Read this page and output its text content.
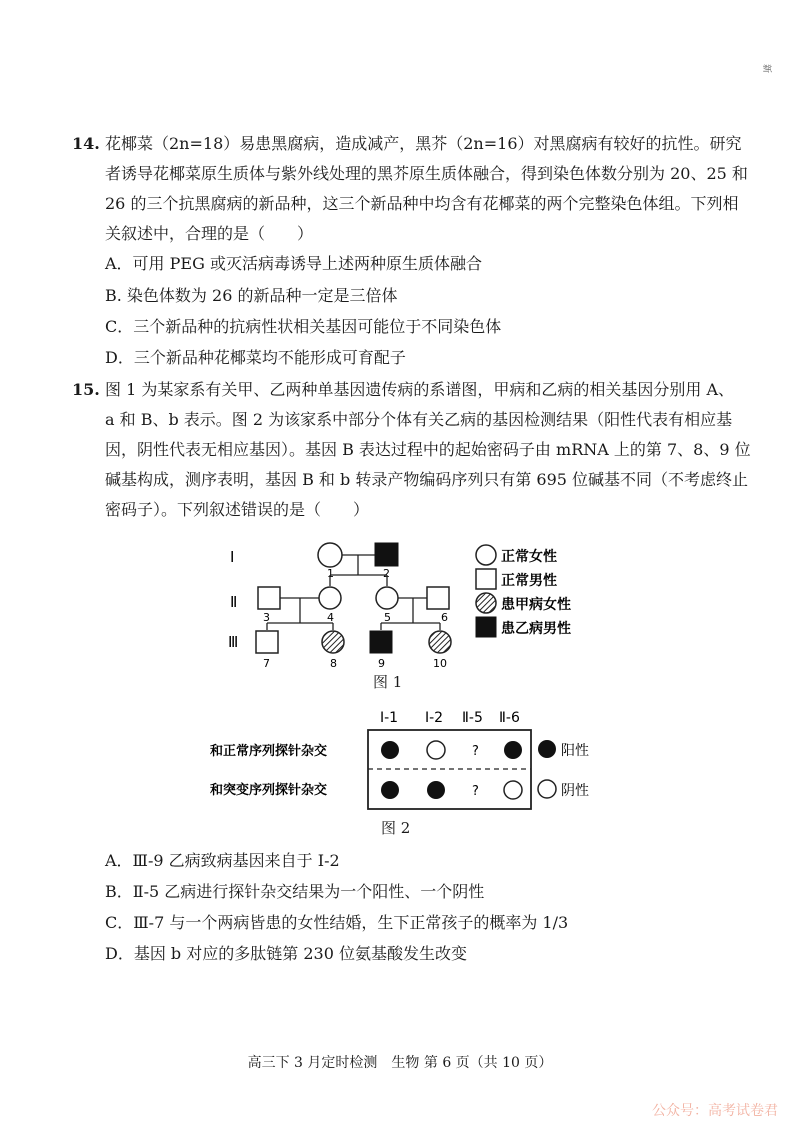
新
14. 花椰菜（2n=18）易患黑腐病，造成减产，黑芥（2n=16）对黑腐病有较好的抗性。研究
者诱导花椰菜原生质体与紫外线处理的黑芥原生质体融合，得到染色体数分别为 20、25 和
26 的三个抗黑腐病的新品种，这三个新品种中均含有花椰菜的两个完整染色体组。下列相
关叙述中，合理的是（　　）
A．可用 PEG 或灭活病毒诱导上述两种原生质体融合
B. 染色体数为 26 的新品种一定是三倍体
C．三个新品种的抗病性状相关基因可能位于不同染色体
D．三个新品种花椰菜均不能形成可育配子
15. 图 1 为某家系有关甲、乙两种单基因遗传病的系谱图，甲病和乙病的相关基因分别用 A、
a 和 B、b 表示。图 2 为该家系中部分个体有关乙病的基因检测结果（阳性代表有相应基
因，阴性代表无相应基因）。基因 B 表达过程中的起始密码子由 mRNA 上的第 7、8、9 位
碱基构成，测序表明，基因 B 和 b 转录产物编码序列只有第 695 位碱基不同（不考虑终止
密码子）。下列叙述错误的是（　　）
Ⅰ
Ⅱ
Ⅲ
1	2
3	4	5	6
7	8	9	10
正常女性
正常男性
患甲病女性
患乙病男性
图 1
Ⅰ-1 Ⅰ-2 Ⅱ-5 Ⅱ-6
和正常序列探针杂交
和突变序列探针杂交
?
?
阳性
阴性
图 2
A．Ⅲ-9 乙病致病基因来自于 Ⅰ-2
B．Ⅱ-5 乙病进行探针杂交结果为一个阳性、一个阴性
C．Ⅲ-7 与一个两病皆患的女性结婚，生下正常孩子的概率为 1/3
D．基因 b 对应的多肽链第 230 位氨基酸发生改变
高三下 3 月定时检测　生物 第 6 页（共 10 页）
公众号：高考试卷君
